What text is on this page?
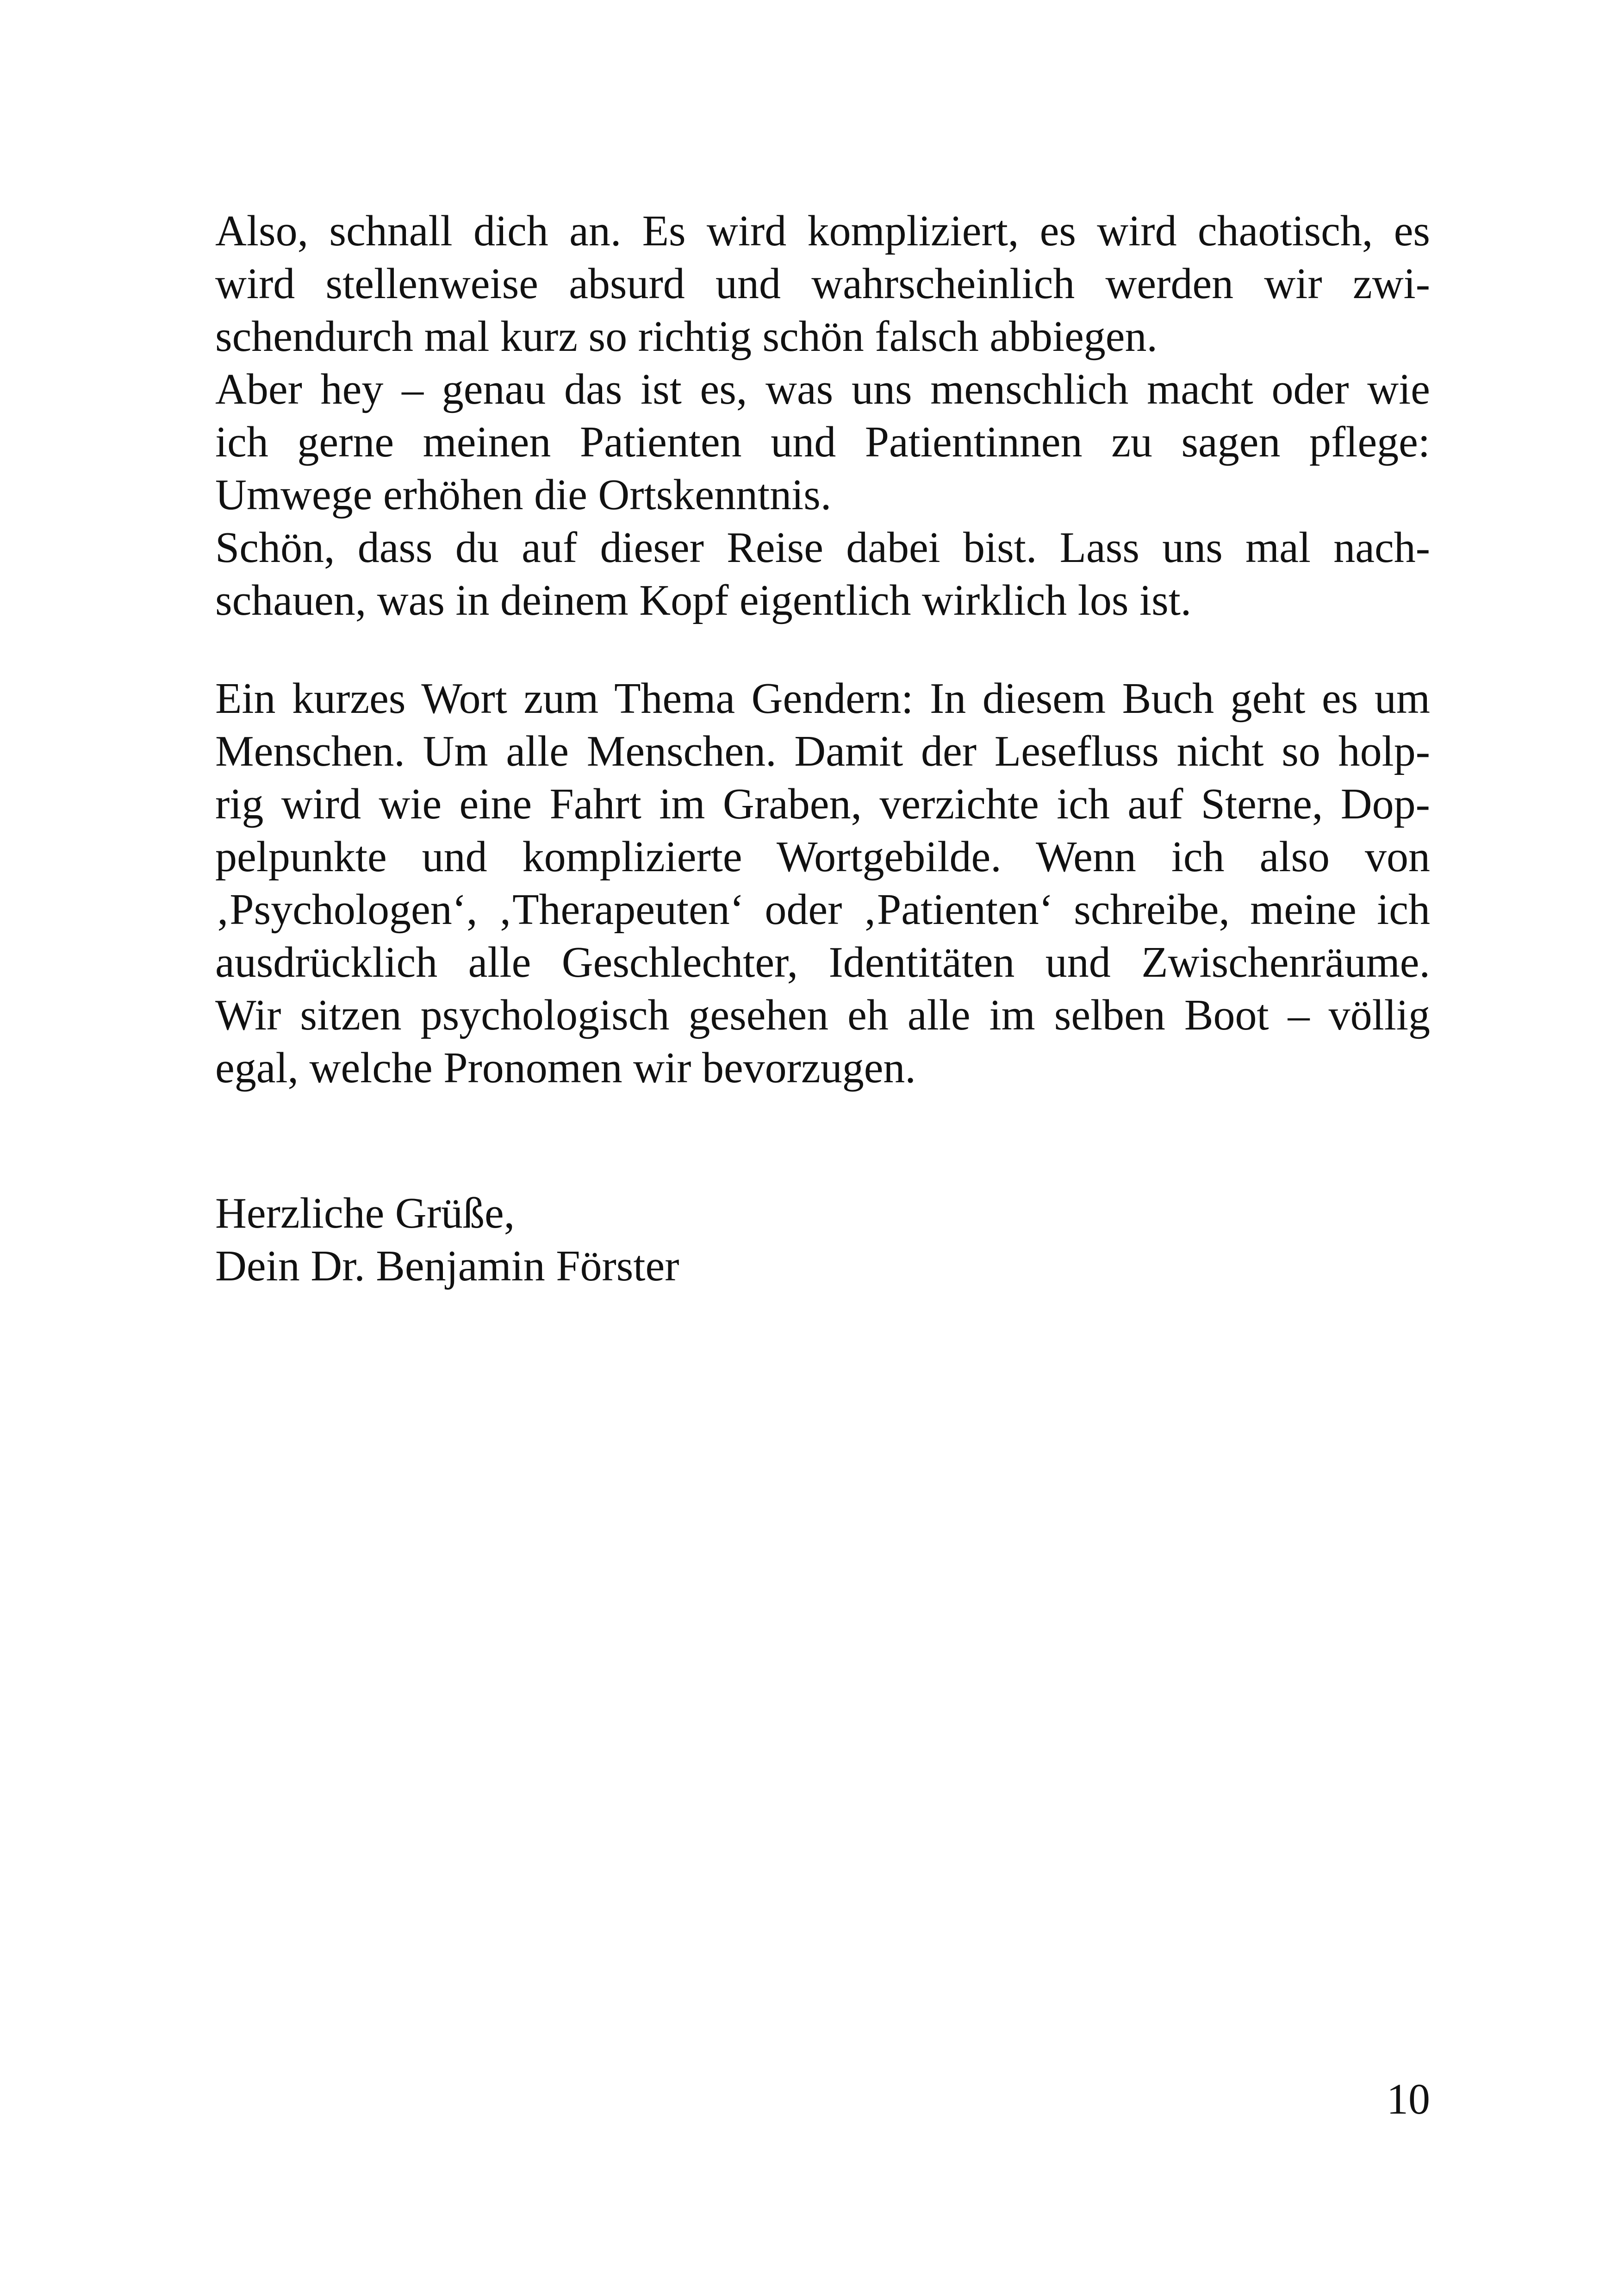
Also, schnall dich an. Es wird kompliziert, es wird chaotisch, es
wird stellenweise absurd und wahrscheinlich werden wir zwi-
schendurch mal kurz so richtig schön falsch abbiegen.
Aber hey – genau das ist es, was uns menschlich macht oder wie
ich gerne meinen Patienten und Patientinnen zu sagen pflege:
Umwege erhöhen die Ortskenntnis.
Schön, dass du auf dieser Reise dabei bist. Lass uns mal nach-
schauen, was in deinem Kopf eigentlich wirklich los ist.
Ein kurzes Wort zum Thema Gendern: In diesem Buch geht es um
Menschen. Um alle Menschen. Damit der Lesefluss nicht so holp-
rig wird wie eine Fahrt im Graben, verzichte ich auf Sterne, Dop-
pelpunkte und komplizierte Wortgebilde. Wenn ich also von
‚Psychologen‘, ‚Therapeuten‘ oder ‚Patienten‘ schreibe, meine ich
ausdrücklich alle Geschlechter, Identitäten und Zwischenräume.
Wir sitzen psychologisch gesehen eh alle im selben Boot – völlig
egal, welche Pronomen wir bevorzugen.
Herzliche Grüße,
Dein Dr. Benjamin Förster
10
